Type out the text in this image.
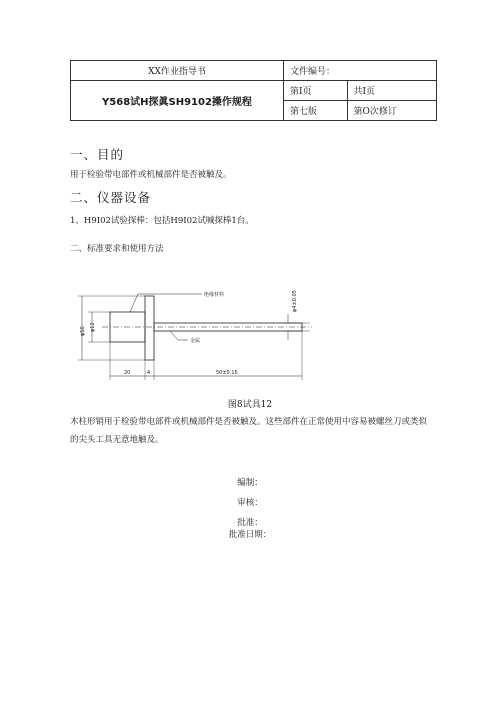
XX作业指导书	文件编号：	
Y568试H探眞SH9102搡作规程	第Ⅰ页	共Ⅰ页
	第七版	第O次修订
一、目的
用于检验带电部件或机械部件是否被触及。
二、仪器设备
1、H9I02试验探棒：包括H9I02试喊探棒1台。
二、标准要求和使用方法
绝缘材料
金属
φ50 φ12
φ4±0.05
20	4	50±0.15
图8试具12
木柱形销用于检验带电部件或机械部件是否被触及。这些部件在正常使用中容易被螺丝刀或类似的尖头工具无意地触及。
编制：
审核：
批准：
批准日期：
